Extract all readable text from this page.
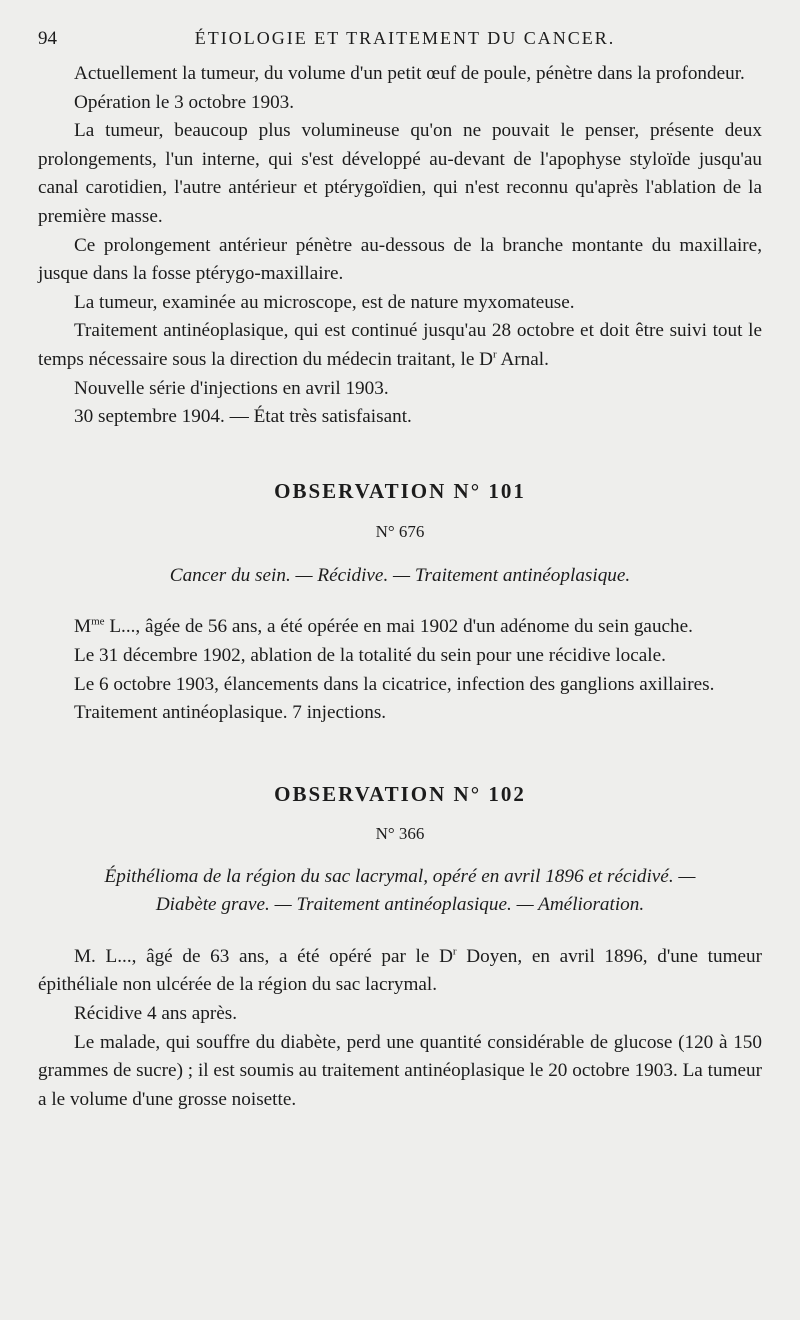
94	ÉTIOLOGIE ET TRAITEMENT DU CANCER.

Actuellement la tumeur, du volume d'un petit œuf de poule, pénètre dans la profondeur.

Opération le 3 octobre 1903.

La tumeur, beaucoup plus volumineuse qu'on ne pouvait le penser, présente deux prolongements, l'un interne, qui s'est développé au-devant de l'apophyse styloïde jusqu'au canal carotidien, l'autre antérieur et ptérygoïdien, qui n'est reconnu qu'après l'ablation de la première masse.

Ce prolongement antérieur pénètre au-dessous de la branche montante du maxillaire, jusque dans la fosse ptérygo-maxillaire.

La tumeur, examinée au microscope, est de nature myxomateuse.

Traitement antinéoplasique, qui est continué jusqu'au 28 octobre et doit être suivi tout le temps nécessaire sous la direction du médecin traitant, le $D^r$ Arnal.

Nouvelle série d'injections en avril 1903.

30 septembre 1904. — État très satisfaisant.

OBSERVATION N° 101
N° 676
Cancer du sein. — Récidive. — Traitement antinéoplasique.

$M^{me}$ L..., âgée de 56 ans, a été opérée en mai 1902 d'un adénome du sein gauche.

Le 31 décembre 1902, ablation de la totalité du sein pour une récidive locale.

Le 6 octobre 1903, élancements dans la cicatrice, infection des ganglions axillaires.

Traitement antinéoplasique. 7 injections.

OBSERVATION N° 102
N° 366
Épithélioma de la région du sac lacrymal, opéré en avril 1896 et récidivé. —
Diabète grave. — Traitement antinéoplasique. — Amélioration.

M. L..., âgé de 63 ans, a été opéré par le $D^r$ Doyen, en avril 1896, d'une tumeur épithéliale non ulcérée de la région du sac lacrymal.

Récidive 4 ans après.

Le malade, qui souffre du diabète, perd une quantité considérable de glucose (120 à 150 grammes de sucre) ; il est soumis au traitement antinéoplasique le 20 octobre 1903. La tumeur a le volume d'une grosse noisette.
